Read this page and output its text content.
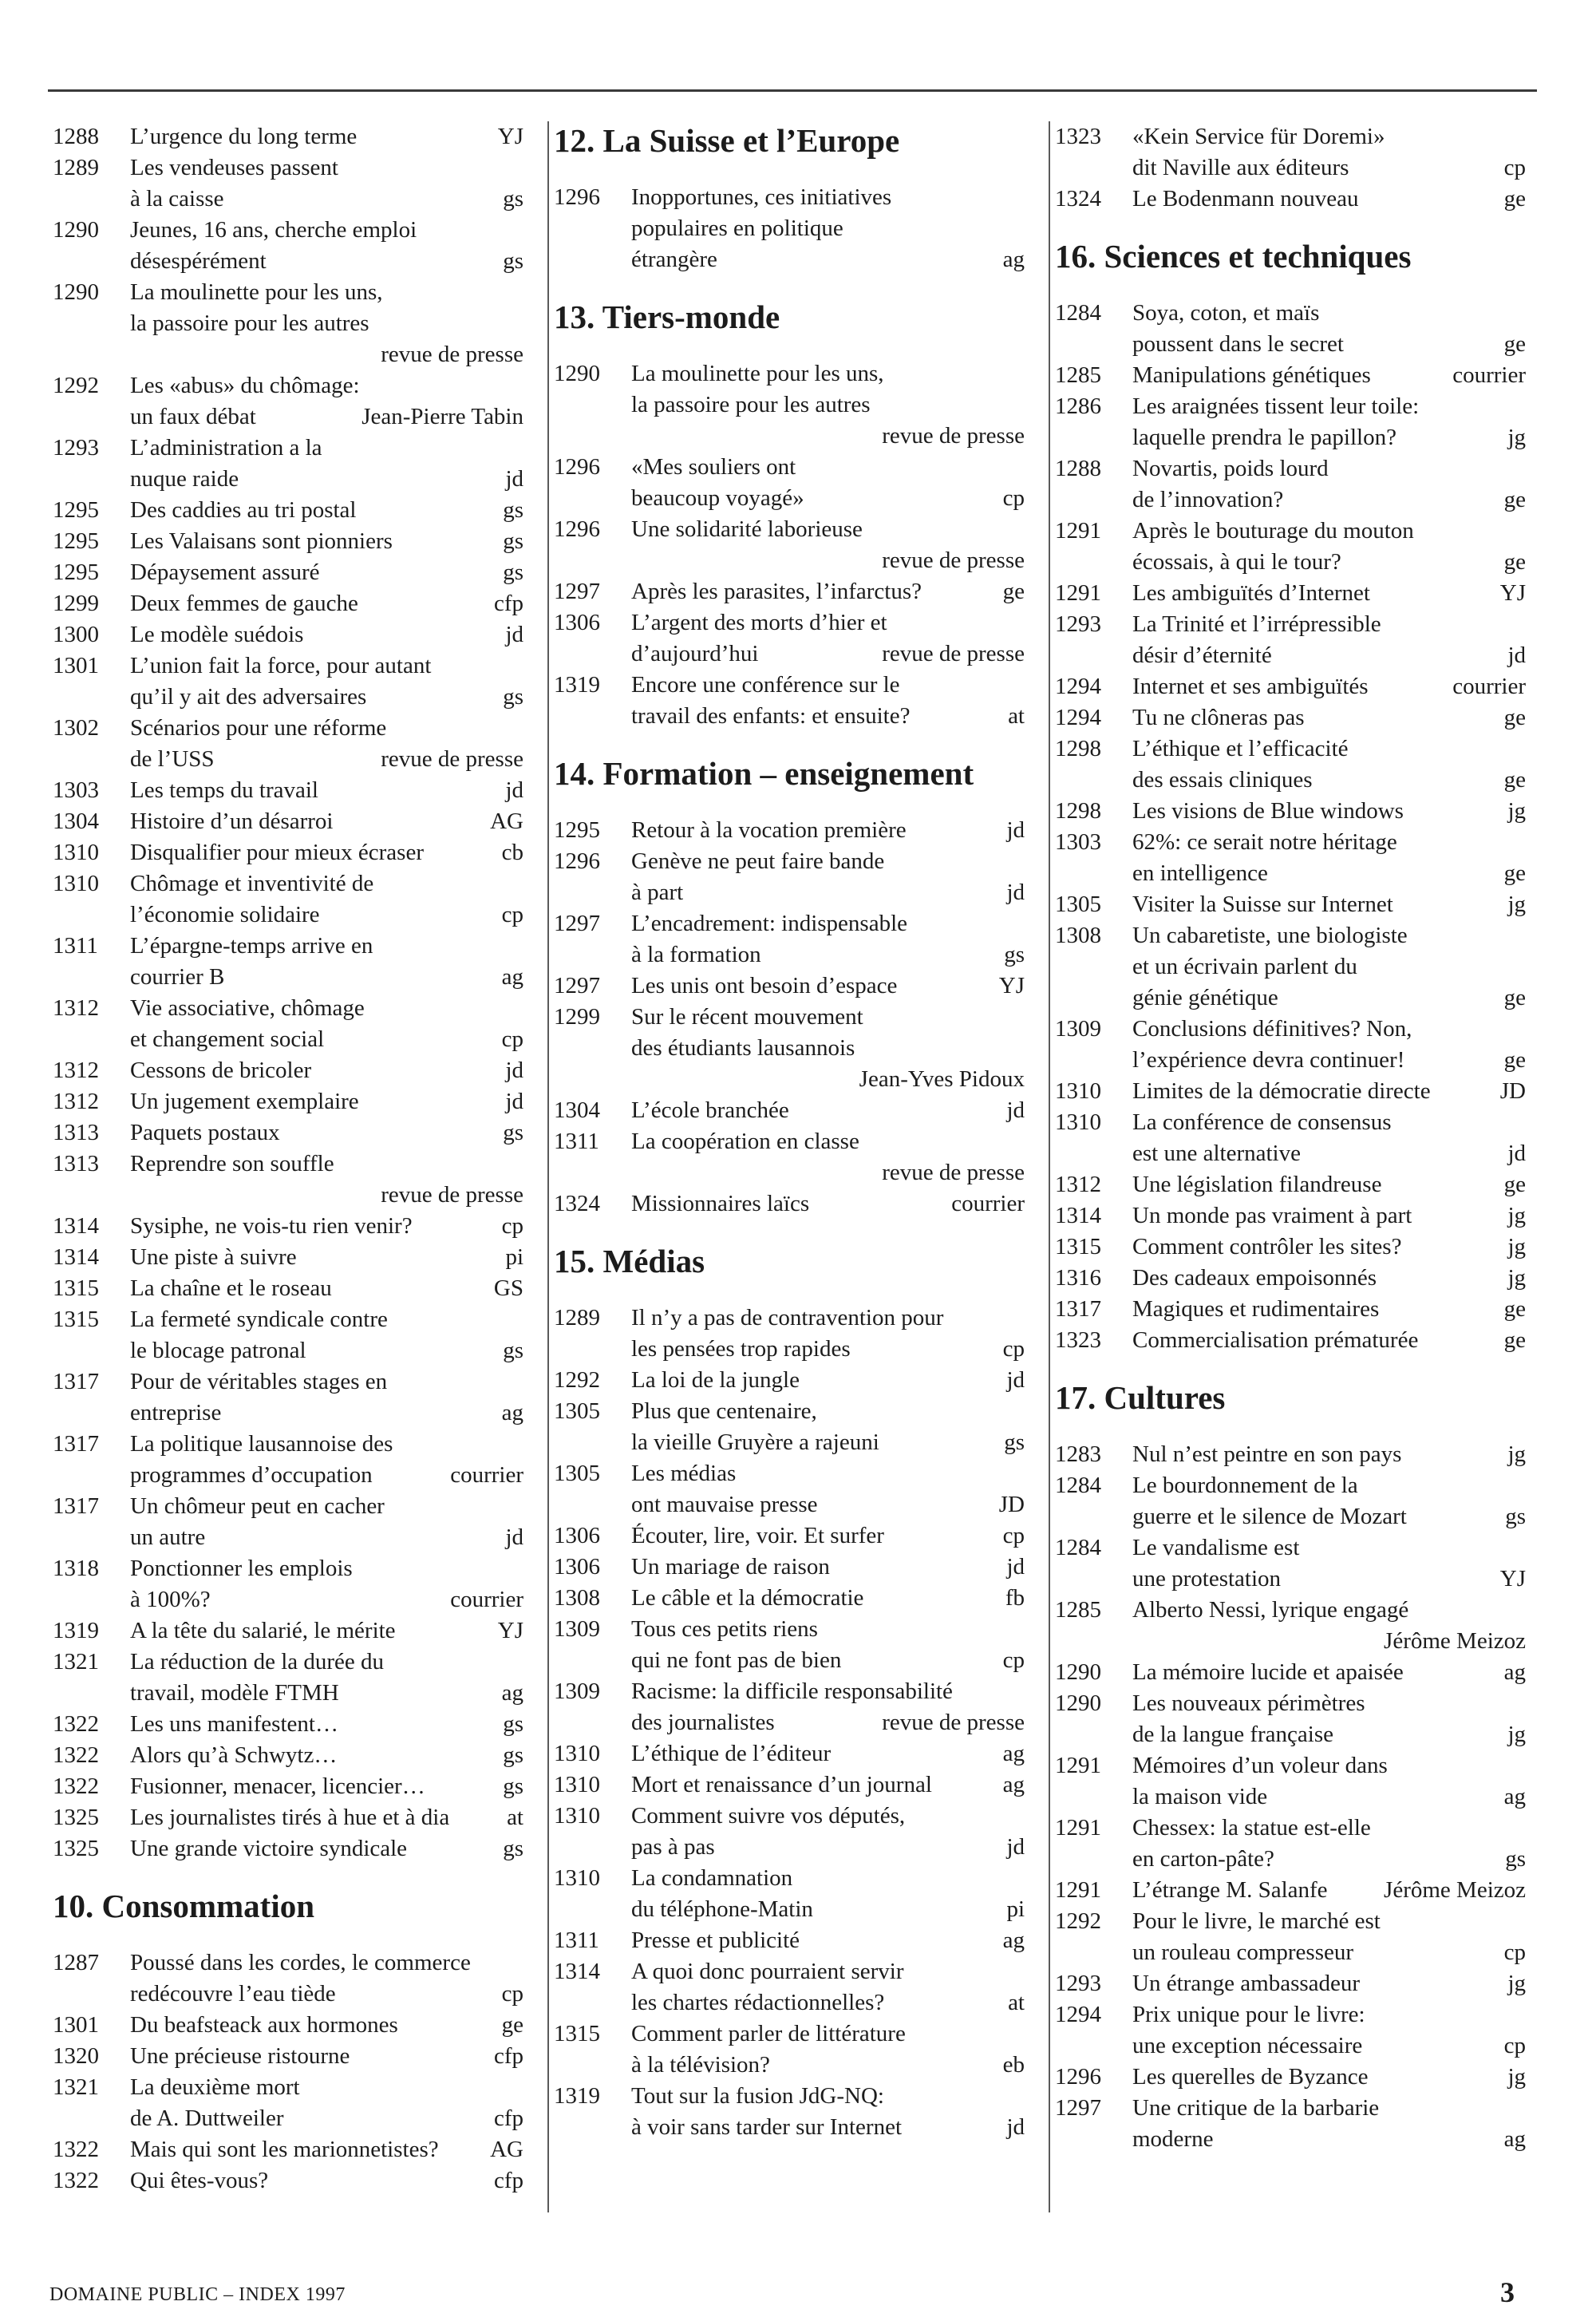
1288	L’urgence du long terme	YJ
1289	Les vendeuses passent
à la caisse	gs
1290	Jeunes, 16 ans, cherche emploi
désespérément	gs
1290	La moulinette pour les uns,
la passoire pour les autres
revue de presse
1292	Les «abus» du chômage:
un faux débat	Jean-Pierre Tabin
1293	L’administration a la
nuque raide	jd
1295	Des caddies au tri postal	gs
1295	Les Valaisans sont pionniers	gs
1295	Dépaysement assuré	gs
1299	Deux femmes de gauche	cfp
1300	Le modèle suédois	jd
1301	L’union fait la force, pour autant
qu’il y ait des adversaires	gs
1302	Scénarios pour une réforme
de l’USS	revue de presse
1303	Les temps du travail	jd
1304	Histoire d’un désarroi	AG
1310	Disqualifier pour mieux écraser	cb
1310	Chômage et inventivité de
l’économie solidaire	cp
1311	L’épargne-temps arrive en
courrier B	ag
1312	Vie associative, chômage
et changement social	cp
1312	Cessons de bricoler	jd
1312	Un jugement exemplaire	jd
1313	Paquets postaux	gs
1313	Reprendre son souffle
revue de presse
1314	Sysiphe, ne vois-tu rien venir?	cp
1314	Une piste à suivre	pi
1315	La chaîne et le roseau	GS
1315	La fermeté syndicale contre
le blocage patronal	gs
1317	Pour de véritables stages en
entreprise	ag
1317	La politique lausannoise des
programmes d’occupation	courrier
1317	Un chômeur peut en cacher
un autre	jd
1318	Ponctionner les emplois
à 100%?	courrier
1319	A la tête du salarié, le mérite	YJ
1321	La réduction de la durée du
travail, modèle FTMH	ag
1322	Les uns manifestent…	gs
1322	Alors qu’à Schwytz…	gs
1322	Fusionner, menacer, licencier…	gs
1325	Les journalistes tirés à hue et à dia at
1325	Une grande victoire syndicale	gs
10. Consommation
1287	Poussé dans les cordes, le commerce
redécouvre l’eau tiède	cp
1301	Du beafsteack aux hormones	ge
1320	Une précieuse ristourne	cfp
1321	La deuxième mort
de A. Duttweiler	cfp
1322	Mais qui sont les marionnetistes? AG
1322	Qui êtes-vous?	cfp
12. La Suisse et l’Europe
1296	Inopportunes, ces initiatives
populaires en politique
étrangère	ag
13. Tiers-monde
1290	La moulinette pour les uns,
la passoire pour les autres
revue de presse
1296	«Mes souliers ont
beaucoup voyagé»	cp
1296	Une solidarité laborieuse
revue de presse
1297	Après les parasites, l’infarctus?	ge
1306	L’argent des morts d’hier et
d’aujourd’hui	revue de presse
1319	Encore une conférence sur le
travail des enfants: et ensuite?	at
14. Formation – enseignement
1295	Retour à la vocation première	jd
1296	Genève ne peut faire bande
à part	jd
1297	L’encadrement: indispensable
à la formation	gs
1297	Les unis ont besoin d’espace	YJ
1299	Sur le récent mouvement
des étudiants lausannois
Jean-Yves Pidoux
1304	L’école branchée	jd
1311	La coopération en classe
revue de presse
1324	Missionnaires laïcs	courrier
15. Médias
1289	Il n’y a pas de contravention pour
les pensées trop rapides	cp
1292	La loi de la jungle	jd
1305	Plus que centenaire,
la vieille Gruyère a rajeuni	gs
1305	Les médias
ont mauvaise presse	JD
1306	Écouter, lire, voir. Et surfer	cp
1306	Un mariage de raison	jd
1308	Le câble et la démocratie	fb
1309	Tous ces petits riens
qui ne font pas de bien	cp
1309	Racisme: la difficile responsabilité
des journalistes	revue de presse
1310	L’éthique de l’éditeur	ag
1310	Mort et renaissance d’un journal	ag
1310	Comment suivre vos députés,
pas à pas	jd
1310	La condamnation
du téléphone-Matin	pi
1311	Presse et publicité	ag
1314	A quoi donc pourraient servir
les chartes rédactionnelles?	at
1315	Comment parler de littérature
à la télévision?	eb
1319	Tout sur la fusion JdG-NQ:
à voir sans tarder sur Internet	jd
1323	«Kein Service für Doremi»
dit Naville aux éditeurs	cp
1324	Le Bodenmann nouveau	ge
16. Sciences et techniques
1284	Soya, coton, et maïs
poussent dans le secret	ge
1285	Manipulations génétiques	courrier
1286	Les araignées tissent leur toile:
laquelle prendra le papillon?	jg
1288	Novartis, poids lourd
de l’innovation?	ge
1291	Après le bouturage du mouton
écossais, à qui le tour?	ge
1291	Les ambiguïtés d’Internet	YJ
1293	La Trinité et l’irrépressible
désir d’éternité	jd
1294	Internet et ses ambiguïtés	courrier
1294	Tu ne clôneras pas	ge
1298	L’éthique et l’efficacité
des essais cliniques	ge
1298	Les visions de Blue windows	jg
1303	62%: ce serait notre héritage
en intelligence	ge
1305	Visiter la Suisse sur Internet	jg
1308	Un cabaretiste, une biologiste
et un écrivain parlent du
génie génétique	ge
1309	Conclusions définitives? Non,
l’expérience devra continuer!	ge
1310	Limites de la démocratie directe	JD
1310	La conférence de consensus
est une alternative	jd
1312	Une législation filandreuse	ge
1314	Un monde pas vraiment à part	jg
1315	Comment contrôler les sites?	jg
1316	Des cadeaux empoisonnés	jg
1317	Magiques et rudimentaires	ge
1323	Commercialisation prématurée	ge
17. Cultures
1283	Nul n’est peintre en son pays	jg
1284	Le bourdonnement de la
guerre et le silence de Mozart	gs
1284	Le vandalisme est
une protestation	YJ
1285	Alberto Nessi, lyrique engagé
Jérôme Meizoz
1290	La mémoire lucide et apaisée	ag
1290	Les nouveaux périmètres
de la langue française	jg
1291	Mémoires d’un voleur dans
la maison vide	ag
1291	Chessex: la statue est-elle
en carton-pâte?	gs
1291	L’étrange M. Salanfe Jérôme Meizoz
1292	Pour le livre, le marché est
un rouleau compresseur	cp
1293	Un étrange ambassadeur	jg
1294	Prix unique pour le livre:
une exception nécessaire	cp
1296	Les querelles de Byzance	jg
1297	Une critique de la barbarie
moderne	ag
DOMAINE PUBLIC – INDEX 1997	3
